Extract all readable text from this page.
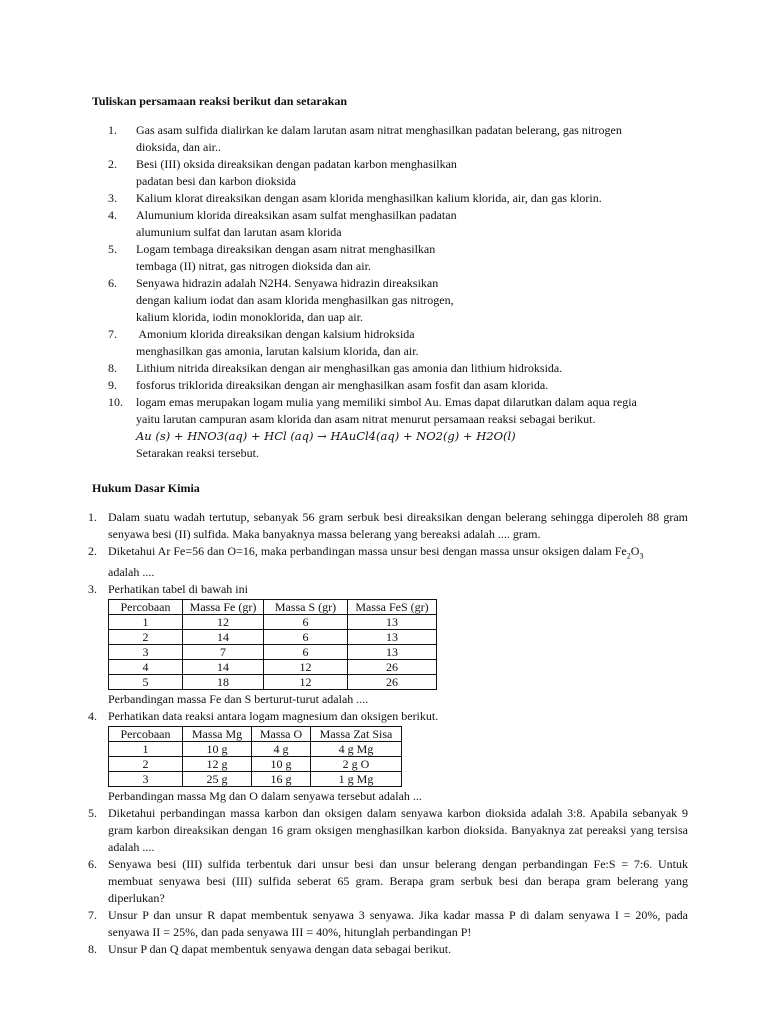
Tuliskan persamaan reaksi berikut dan setarakan
1. Gas asam sulfida dialirkan ke dalam larutan asam nitrat menghasilkan padatan belerang, gas nitrogen
dioksida, dan air..
2. Besi (III) oksida direaksikan dengan padatan karbon menghasilkan
padatan besi dan karbon dioksida
3. Kalium klorat direaksikan dengan asam klorida menghasilkan kalium klorida, air, dan gas klorin.
4. Alumunium klorida direaksikan asam sulfat menghasilkan padatan
alumunium sulfat dan larutan asam klorida
5. Logam tembaga direaksikan dengan asam nitrat menghasilkan
tembaga (II) nitrat, gas nitrogen dioksida dan air.
6. Senyawa hidrazin adalah N2H4. Senyawa hidrazin direaksikan
dengan kalium iodat dan asam klorida menghasilkan gas nitrogen,
kalium klorida, iodin monoklorida, dan uap air.
7. Amonium klorida direaksikan dengan kalsium hidroksida
menghasilkan gas amonia, larutan kalsium klorida, dan air.
8. Lithium nitrida direaksikan dengan air menghasilkan gas amonia dan lithium hidroksida.
9. fosforus triklorida direaksikan dengan air menghasilkan asam fosfit dan asam klorida.
10. logam emas merupakan logam mulia yang memiliki simbol Au. Emas dapat dilarutkan dalam aqua regia
yaitu larutan campuran asam klorida dan asam nitrat menurut persamaan reaksi sebagai berikut.
Au (s) + HNO3(aq) + HCl (aq) → HAuCl4(aq) + NO2(g) + H2O(l)
Setarakan reaksi tersebut.
Hukum Dasar Kimia
1. Dalam suatu wadah tertutup, sebanyak 56 gram serbuk besi direaksikan dengan belerang sehingga diperoleh 88 gram senyawa besi (II) sulfida. Maka banyaknya massa belerang yang bereaksi adalah .... gram.
2. Diketahui Ar Fe=56 dan O=16, maka perbandingan massa unsur besi dengan massa unsur oksigen dalam $Fe_2O_3$
adalah ....
3. Perhatikan tabel di bawah ini
Percobaan	Massa Fe (gr)	Massa S (gr)	Massa FeS (gr)
1	12	6	13
2	14	6	13
3	7	6	13
4	14	12	26
5	18	12	26
Perbandingan massa Fe dan S berturut-turut adalah ....
4. Perhatikan data reaksi antara logam magnesium dan oksigen berikut.
Percobaan	Massa Mg	Massa O	Massa Zat Sisa
1	10 g	4 g	4 g Mg
2	12 g	10 g	2 g O
3	25 g	16 g	1 g Mg
Perbandingan massa Mg dan O dalam senyawa tersebut adalah ...
5. Diketahui perbandingan massa karbon dan oksigen dalam senyawa karbon dioksida adalah 3:8. Apabila sebanyak 9 gram karbon direaksikan dengan 16 gram oksigen menghasilkan karbon dioksida. Banyaknya zat pereaksi yang tersisa adalah ....
6. Senyawa besi (III) sulfida terbentuk dari unsur besi dan unsur belerang dengan perbandingan Fe:S = 7:6. Untuk membuat senyawa besi (III) sulfida seberat 65 gram. Berapa gram serbuk besi dan berapa gram belerang yang diperlukan?
7. Unsur P dan unsur R dapat membentuk senyawa 3 senyawa. Jika kadar massa P di dalam senyawa I = 20%, pada senyawa II = 25%, dan pada senyawa III = 40%, hitunglah perbandingan P!
8. Unsur P dan Q dapat membentuk senyawa dengan data sebagai berikut.
